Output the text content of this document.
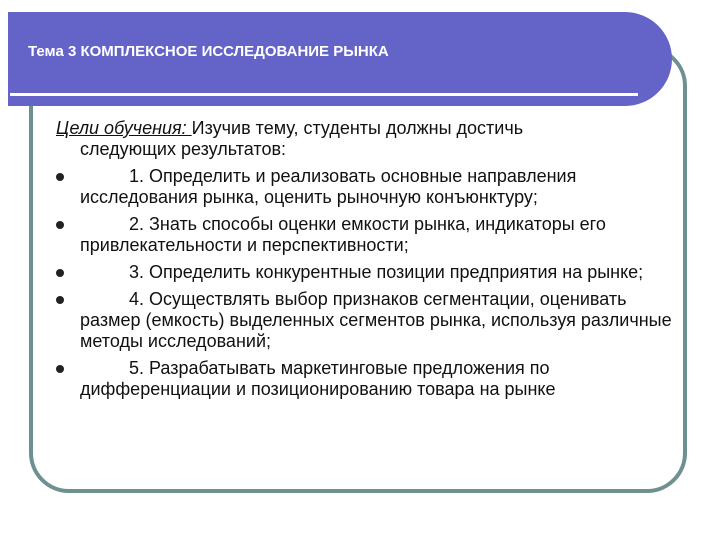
Тема 3 КОМПЛЕКСНОЕ ИССЛЕДОВАНИЕ РЫНКА

Цели обучения: Изучив тему, студенты должны достичь
следующих результатов:

1. Определить и реализовать основные направления исследования рынка, оценить рыночную конъюнктуру;
2. Знать способы оценки емкости рынка, индикаторы его привлекательности и перспективности;
3. Определить конкурентные позиции предприятия на рынке;
4. Осуществлять выбор признаков сегментации, оценивать размер (емкость) выделенных сегментов рынка, используя различные методы исследований;
5. Разрабатывать маркетинговые предложения по дифференциации и позиционированию товара на рынке
